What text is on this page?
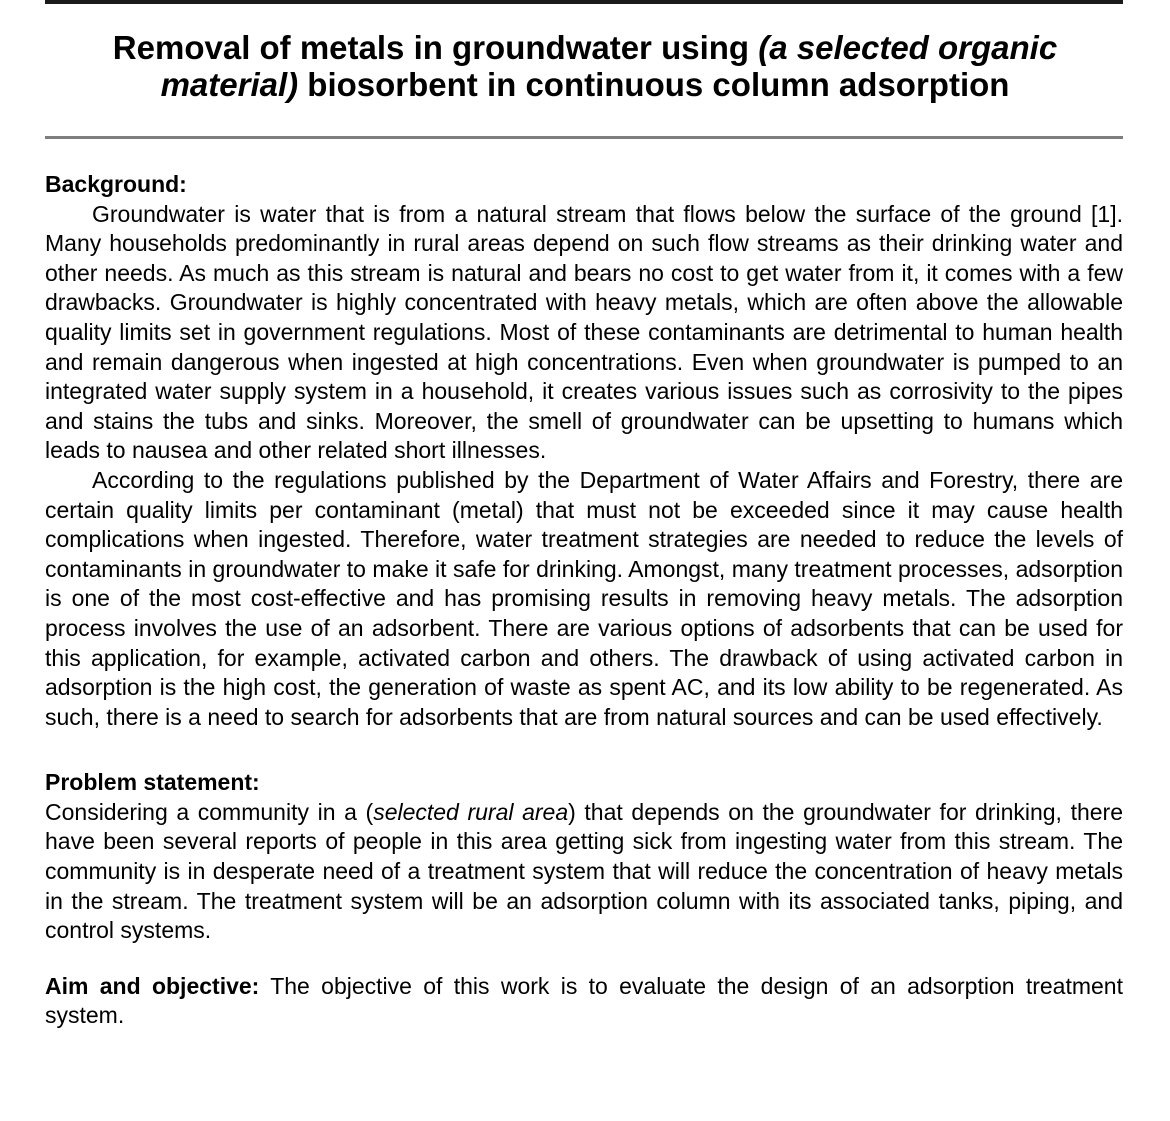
Removal of metals in groundwater using (a selected organic
material) biosorbent in continuous column adsorption
Background:

Groundwater is water that is from a natural stream that flows below the surface of the ground [1]. Many households predominantly in rural areas depend on such flow streams as their drinking water and other needs. As much as this stream is natural and bears no cost to get water from it, it comes with a few drawbacks. Groundwater is highly concentrated with heavy metals, which are often above the allowable quality limits set in government regulations. Most of these contaminants are detrimental to human health and remain dangerous when ingested at high concentrations. Even when groundwater is pumped to an integrated water supply system in a household, it creates various issues such as corrosivity to the pipes and stains the tubs and sinks. Moreover, the smell of groundwater can be upsetting to humans which leads to nausea and other related short illnesses.

According to the regulations published by the Department of Water Affairs and Forestry, there are certain quality limits per contaminant (metal) that must not be exceeded since it may cause health complications when ingested. Therefore, water treatment strategies are needed to reduce the levels of contaminants in groundwater to make it safe for drinking. Amongst, many treatment processes, adsorption is one of the most cost-effective and has promising results in removing heavy metals. The adsorption process involves the use of an adsorbent. There are various options of adsorbents that can be used for this application, for example, activated carbon and others. The drawback of using activated carbon in adsorption is the high cost, the generation of waste as spent AC, and its low ability to be regenerated. As such, there is a need to search for adsorbents that are from natural sources and can be used effectively.

Problem statement:

Considering a community in a (selected rural area) that depends on the groundwater for drinking, there have been several reports of people in this area getting sick from ingesting water from this stream. The community is in desperate need of a treatment system that will reduce the concentration of heavy metals in the stream. The treatment system will be an adsorption column with its associated tanks, piping, and control systems.

Aim and objective: The objective of this work is to evaluate the design of an adsorption treatment system.
